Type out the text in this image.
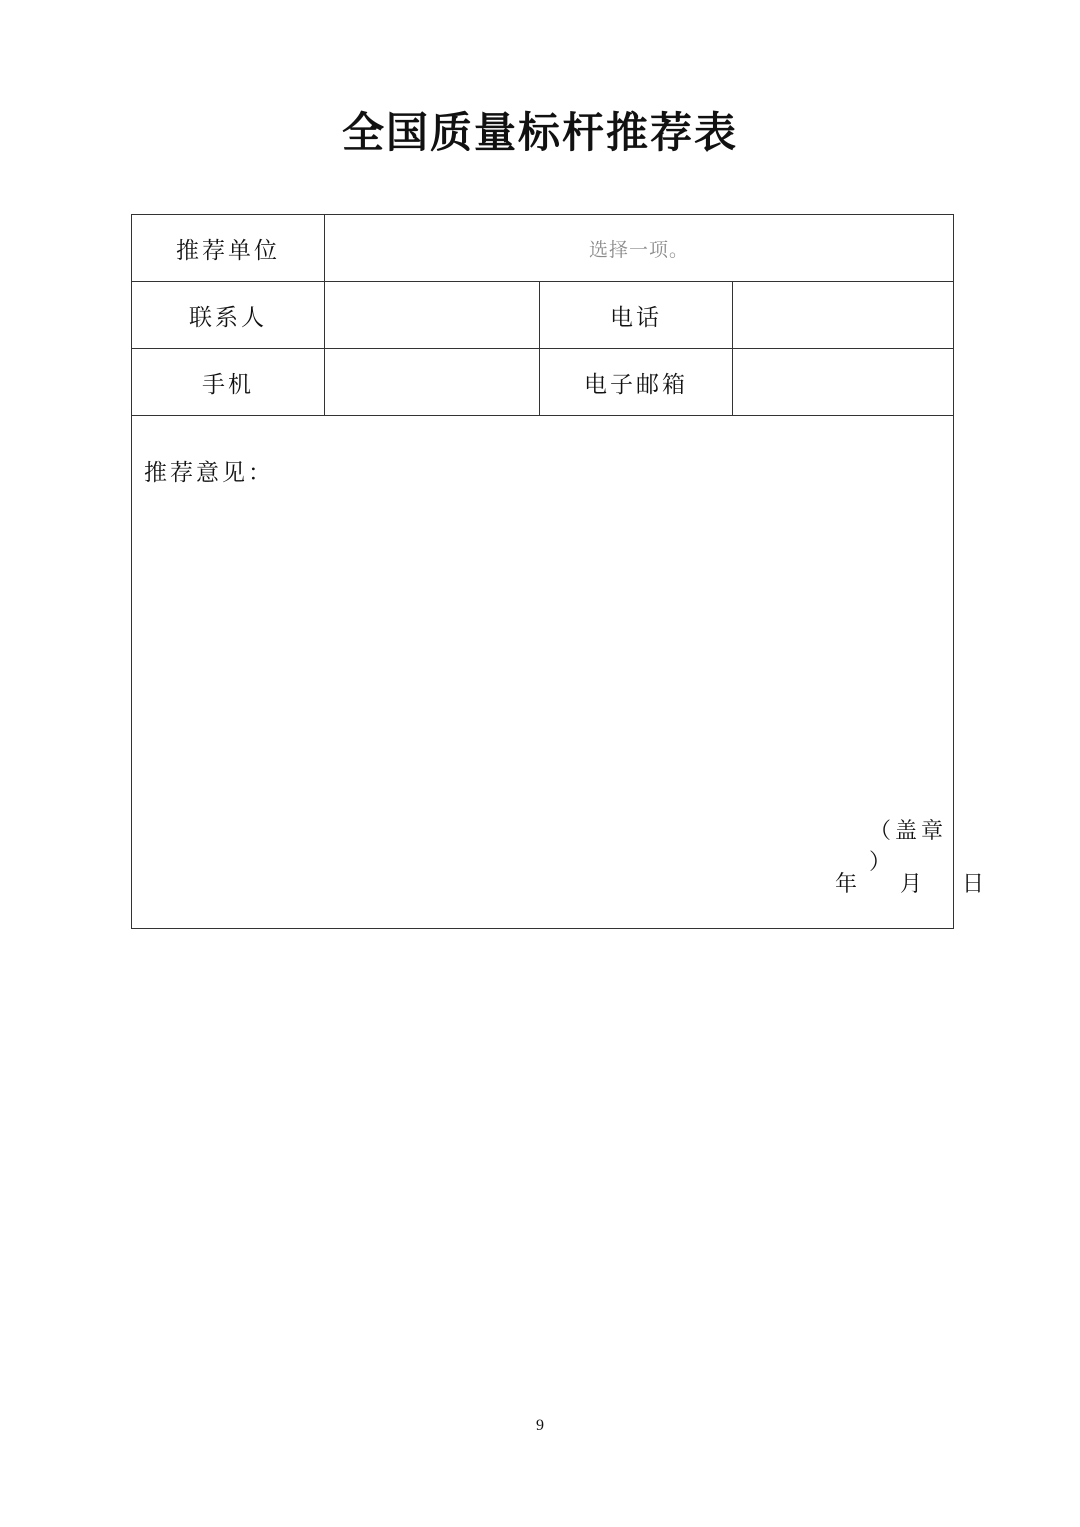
全国质量标杆推荐表
推荐单位	选择一项。		
联系人		电话	
手机		电子邮箱	

推荐意见：
（盖章 ）
年 月 日			
9
